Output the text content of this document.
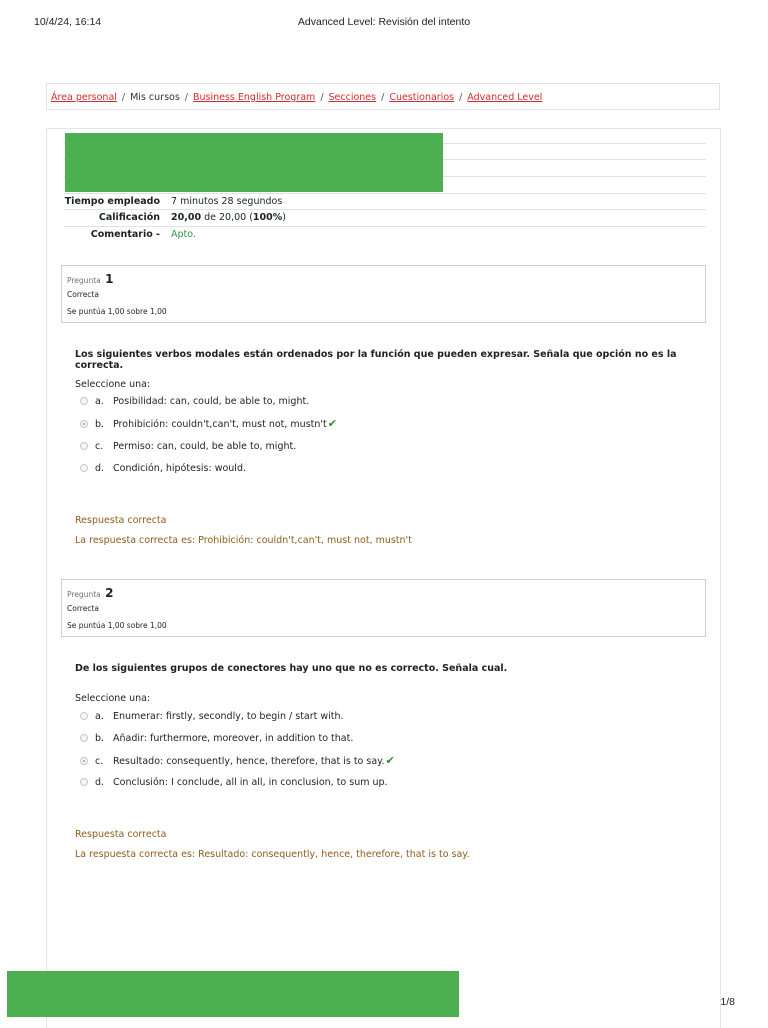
10/4/24, 16:14	Advanced Level: Revisión del intento
Área personal / Mis cursos / Business English Program / Secciones / Cuestionarios / Advanced Level
Tiempo empleado 7 minutos 28 segundos
Calificación 20,00 de 20,00 (100%)
Comentario - Apto.
Pregunta 1
Correcta
Se puntúa 1,00 sobre 1,00
Los siguientes verbos modales están ordenados por la función que pueden expresar. Señala que opción no es la correcta.
Seleccione una:
a. Posibilidad: can, could, be able to, might.
b. Prohibición: couldn't,can't, must not, mustn't✔
c. Permiso: can, could, be able to, might.
d. Condición, hipótesis: would.
Respuesta correcta
La respuesta correcta es: Prohibición: couldn't,can't, must not, mustn't
Pregunta 2
Correcta
Se puntúa 1,00 sobre 1,00
De los siguientes grupos de conectores hay uno que no es correcto. Señala cual.
Seleccione una:
a. Enumerar: firstly, secondly, to begin / start with.
b. Añadir: furthermore, moreover, in addition to that.
c. Resultado: consequently, hence, therefore, that is to say.✔
d. Conclusión: I conclude, all in all, in conclusion, to sum up.
Respuesta correcta
La respuesta correcta es: Resultado: consequently, hence, therefore, that is to say.
1/8
